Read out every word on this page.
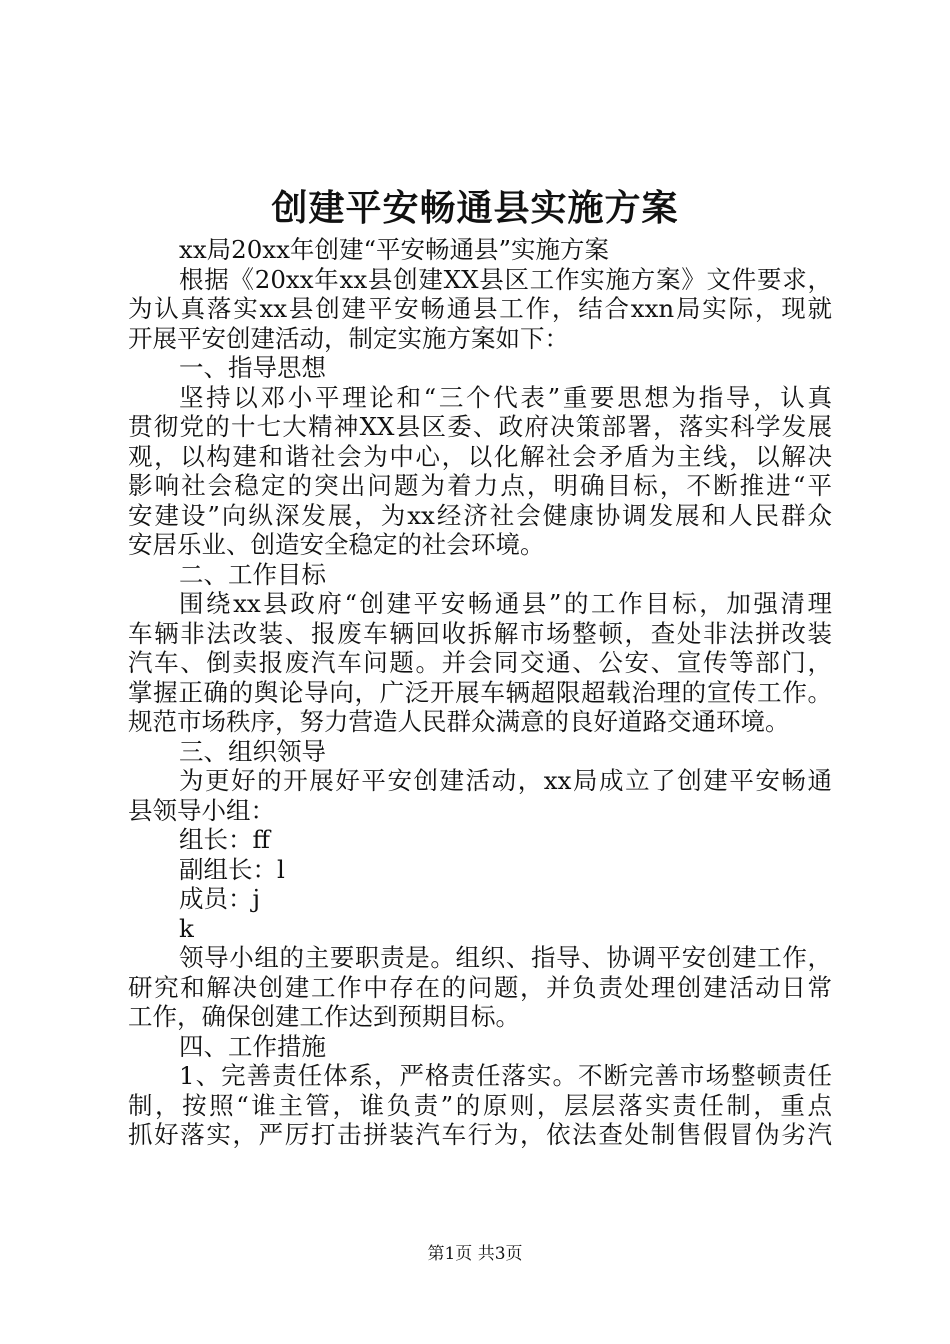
创建平安畅通县实施方案
xx局20xx年创建“平安畅通县”实施方案
根据《20xx年xx县创建XX县区工作实施方案》文件要求，
为认真落实xx县创建平安畅通县工作，结合xxn局实际，现就
开展平安创建活动，制定实施方案如下：
一、指导思想
坚持以邓小平理论和“三个代表”重要思想为指导，认真
贯彻党的十七大精神XX县区委、政府决策部署，落实科学发展
观，以构建和谐社会为中心，以化解社会矛盾为主线，以解决
影响社会稳定的突出问题为着力点，明确目标，不断推进“平
安建设”向纵深发展，为xx经济社会健康协调发展和人民群众
安居乐业、创造安全稳定的社会环境。
二、工作目标
围绕xx县政府“创建平安畅通县”的工作目标，加强清理
车辆非法改装、报废车辆回收拆解市场整顿，查处非法拼改装
汽车、倒卖报废汽车问题。并会同交通、公安、宣传等部门，
掌握正确的舆论导向，广泛开展车辆超限超载治理的宣传工作。
规范市场秩序，努力营造人民群众满意的良好道路交通环境。
三、组织领导
为更好的开展好平安创建活动，xx局成立了创建平安畅通
县领导小组：
组长：ff
副组长：l
成员：j
k
领导小组的主要职责是。组织、指导、协调平安创建工作，
研究和解决创建工作中存在的问题，并负责处理创建活动日常
工作，确保创建工作达到预期目标。
四、工作措施
1、完善责任体系，严格责任落实。不断完善市场整顿责任
制，按照“谁主管，谁负责”的原则，层层落实责任制，重点
抓好落实，严厉打击拼装汽车行为，依法查处制售假冒伪劣汽
第1页 共3页
